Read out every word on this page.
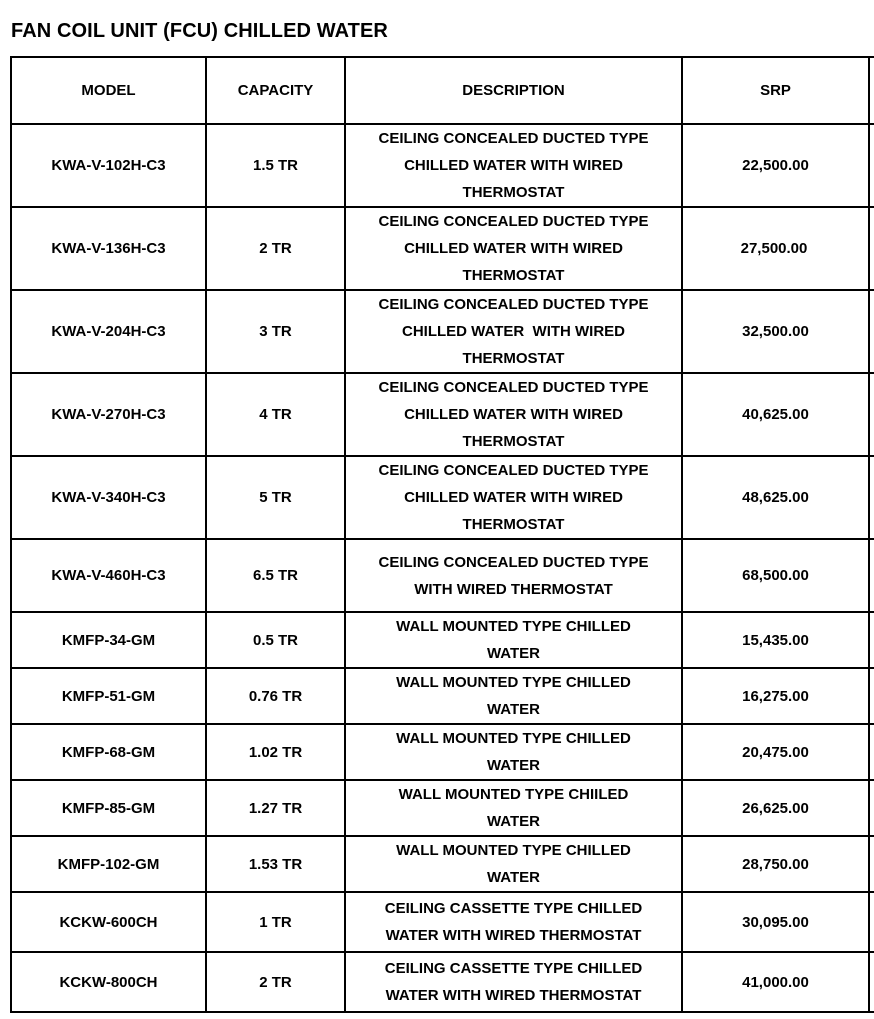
FAN COIL UNIT (FCU) CHILLED WATER
MODEL	CAPACITY	DESCRIPTION	SRP	
KWA-V-102H-C3	1.5 TR	CEILING CONCEALED DUCTED TYPE
CHILLED WATER WITH WIRED
THERMOSTAT	22,500.00	
KWA-V-136H-C3	2 TR	CEILING CONCEALED DUCTED TYPE
CHILLED WATER WITH WIRED
THERMOSTAT	27,500.00	
KWA-V-204H-C3	3 TR	CEILING CONCEALED DUCTED TYPE
CHILLED WATER  WITH WIRED
THERMOSTAT	32,500.00	
KWA-V-270H-C3	4 TR	CEILING CONCEALED DUCTED TYPE
CHILLED WATER WITH WIRED
THERMOSTAT	40,625.00	
KWA-V-340H-C3	5 TR	CEILING CONCEALED DUCTED TYPE
CHILLED WATER WITH WIRED
THERMOSTAT	48,625.00	
KWA-V-460H-C3	6.5 TR	CEILING CONCEALED DUCTED TYPE
WITH WIRED THERMOSTAT	68,500.00	
KMFP-34-GM	0.5 TR	WALL MOUNTED TYPE CHILLED
WATER	15,435.00	
KMFP-51-GM	0.76 TR	WALL MOUNTED TYPE CHILLED
WATER	16,275.00	
KMFP-68-GM	1.02 TR	WALL MOUNTED TYPE CHILLED
WATER	20,475.00	
KMFP-85-GM	1.27 TR	WALL MOUNTED TYPE CHIILED
WATER	26,625.00	
KMFP-102-GM	1.53 TR	WALL MOUNTED TYPE CHILLED
WATER	28,750.00	
KCKW-600CH	1 TR	CEILING CASSETTE TYPE CHILLED
WATER WITH WIRED THERMOSTAT	30,095.00	
KCKW-800CH	2 TR	CEILING CASSETTE TYPE CHILLED
WATER WITH WIRED THERMOSTAT	41,000.00	
